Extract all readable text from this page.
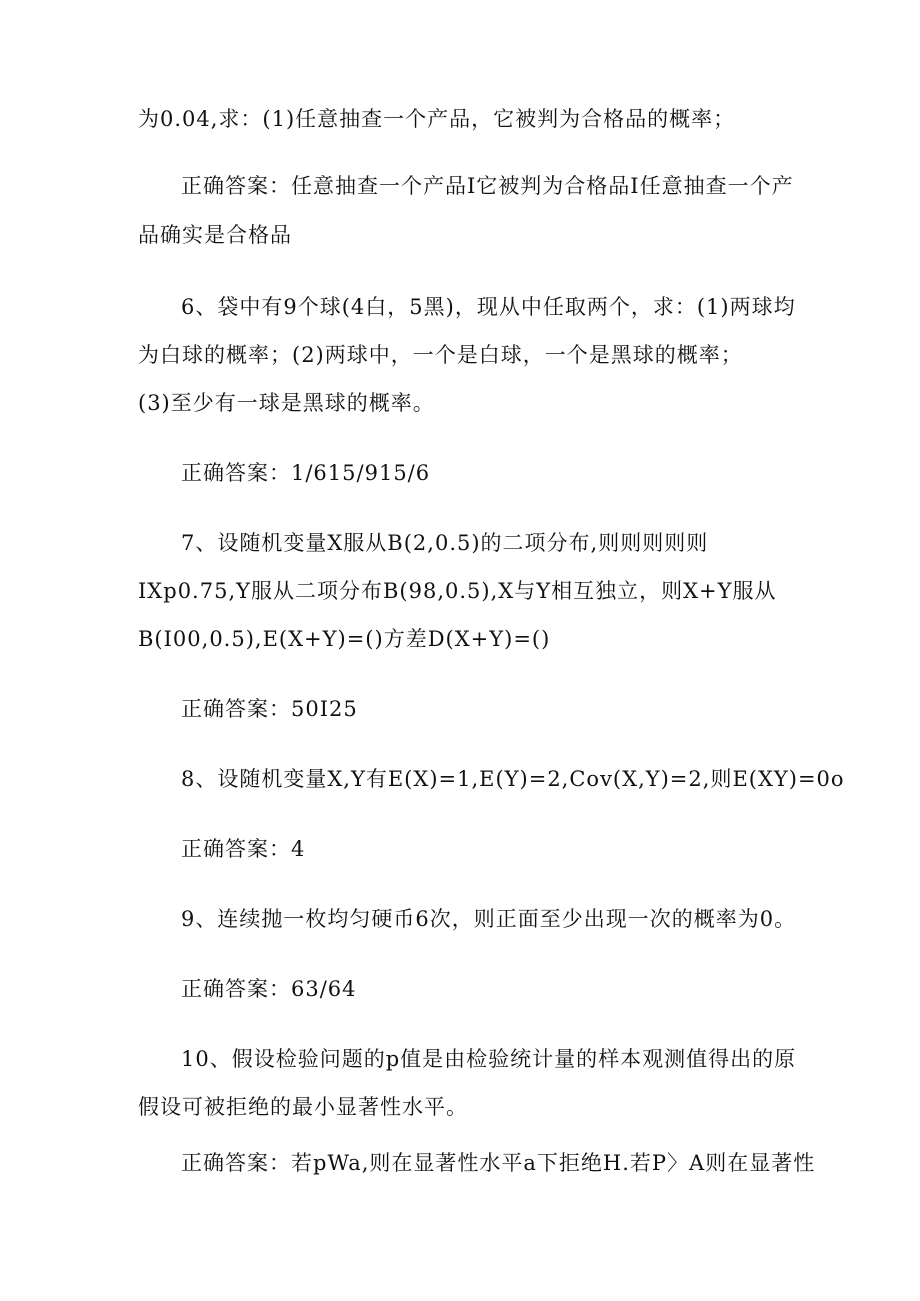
为0.04,求：(1)任意抽查一个产品，它被判为合格品的概率；
正确答案：任意抽查一个产品I它被判为合格品I任意抽查一个产
品确实是合格品
6、袋中有9个球(4白，5黑)，现从中任取两个，求：(1)两球均
为白球的概率；(2)两球中，一个是白球，一个是黑球的概率；
(3)至少有一球是黑球的概率。
正确答案：1/615/915/6
7、设随机变量X服从B(2,0.5)的二项分布,则则则则则
IXp0.75,Y服从二项分布B(98,0.5),X与Y相互独立，则X+Y服从
B(I00,0.5),E(X+Y)=()方差D(X+Y)=()
正确答案：50I25
8、设随机变量X,Y有E(X)=1,E(Y)=2,Cov(X,Y)=2,则E(XY)=0o
正确答案：4
9、连续抛一枚均匀硬币6次，则正面至少出现一次的概率为0。
正确答案：63/64
10、假设检验问题的p值是由检验统计量的样本观测值得出的原
假设可被拒绝的最小显著性水平。
正确答案：若pWa,则在显著性水平a下拒绝H.若P〉A则在显著性
